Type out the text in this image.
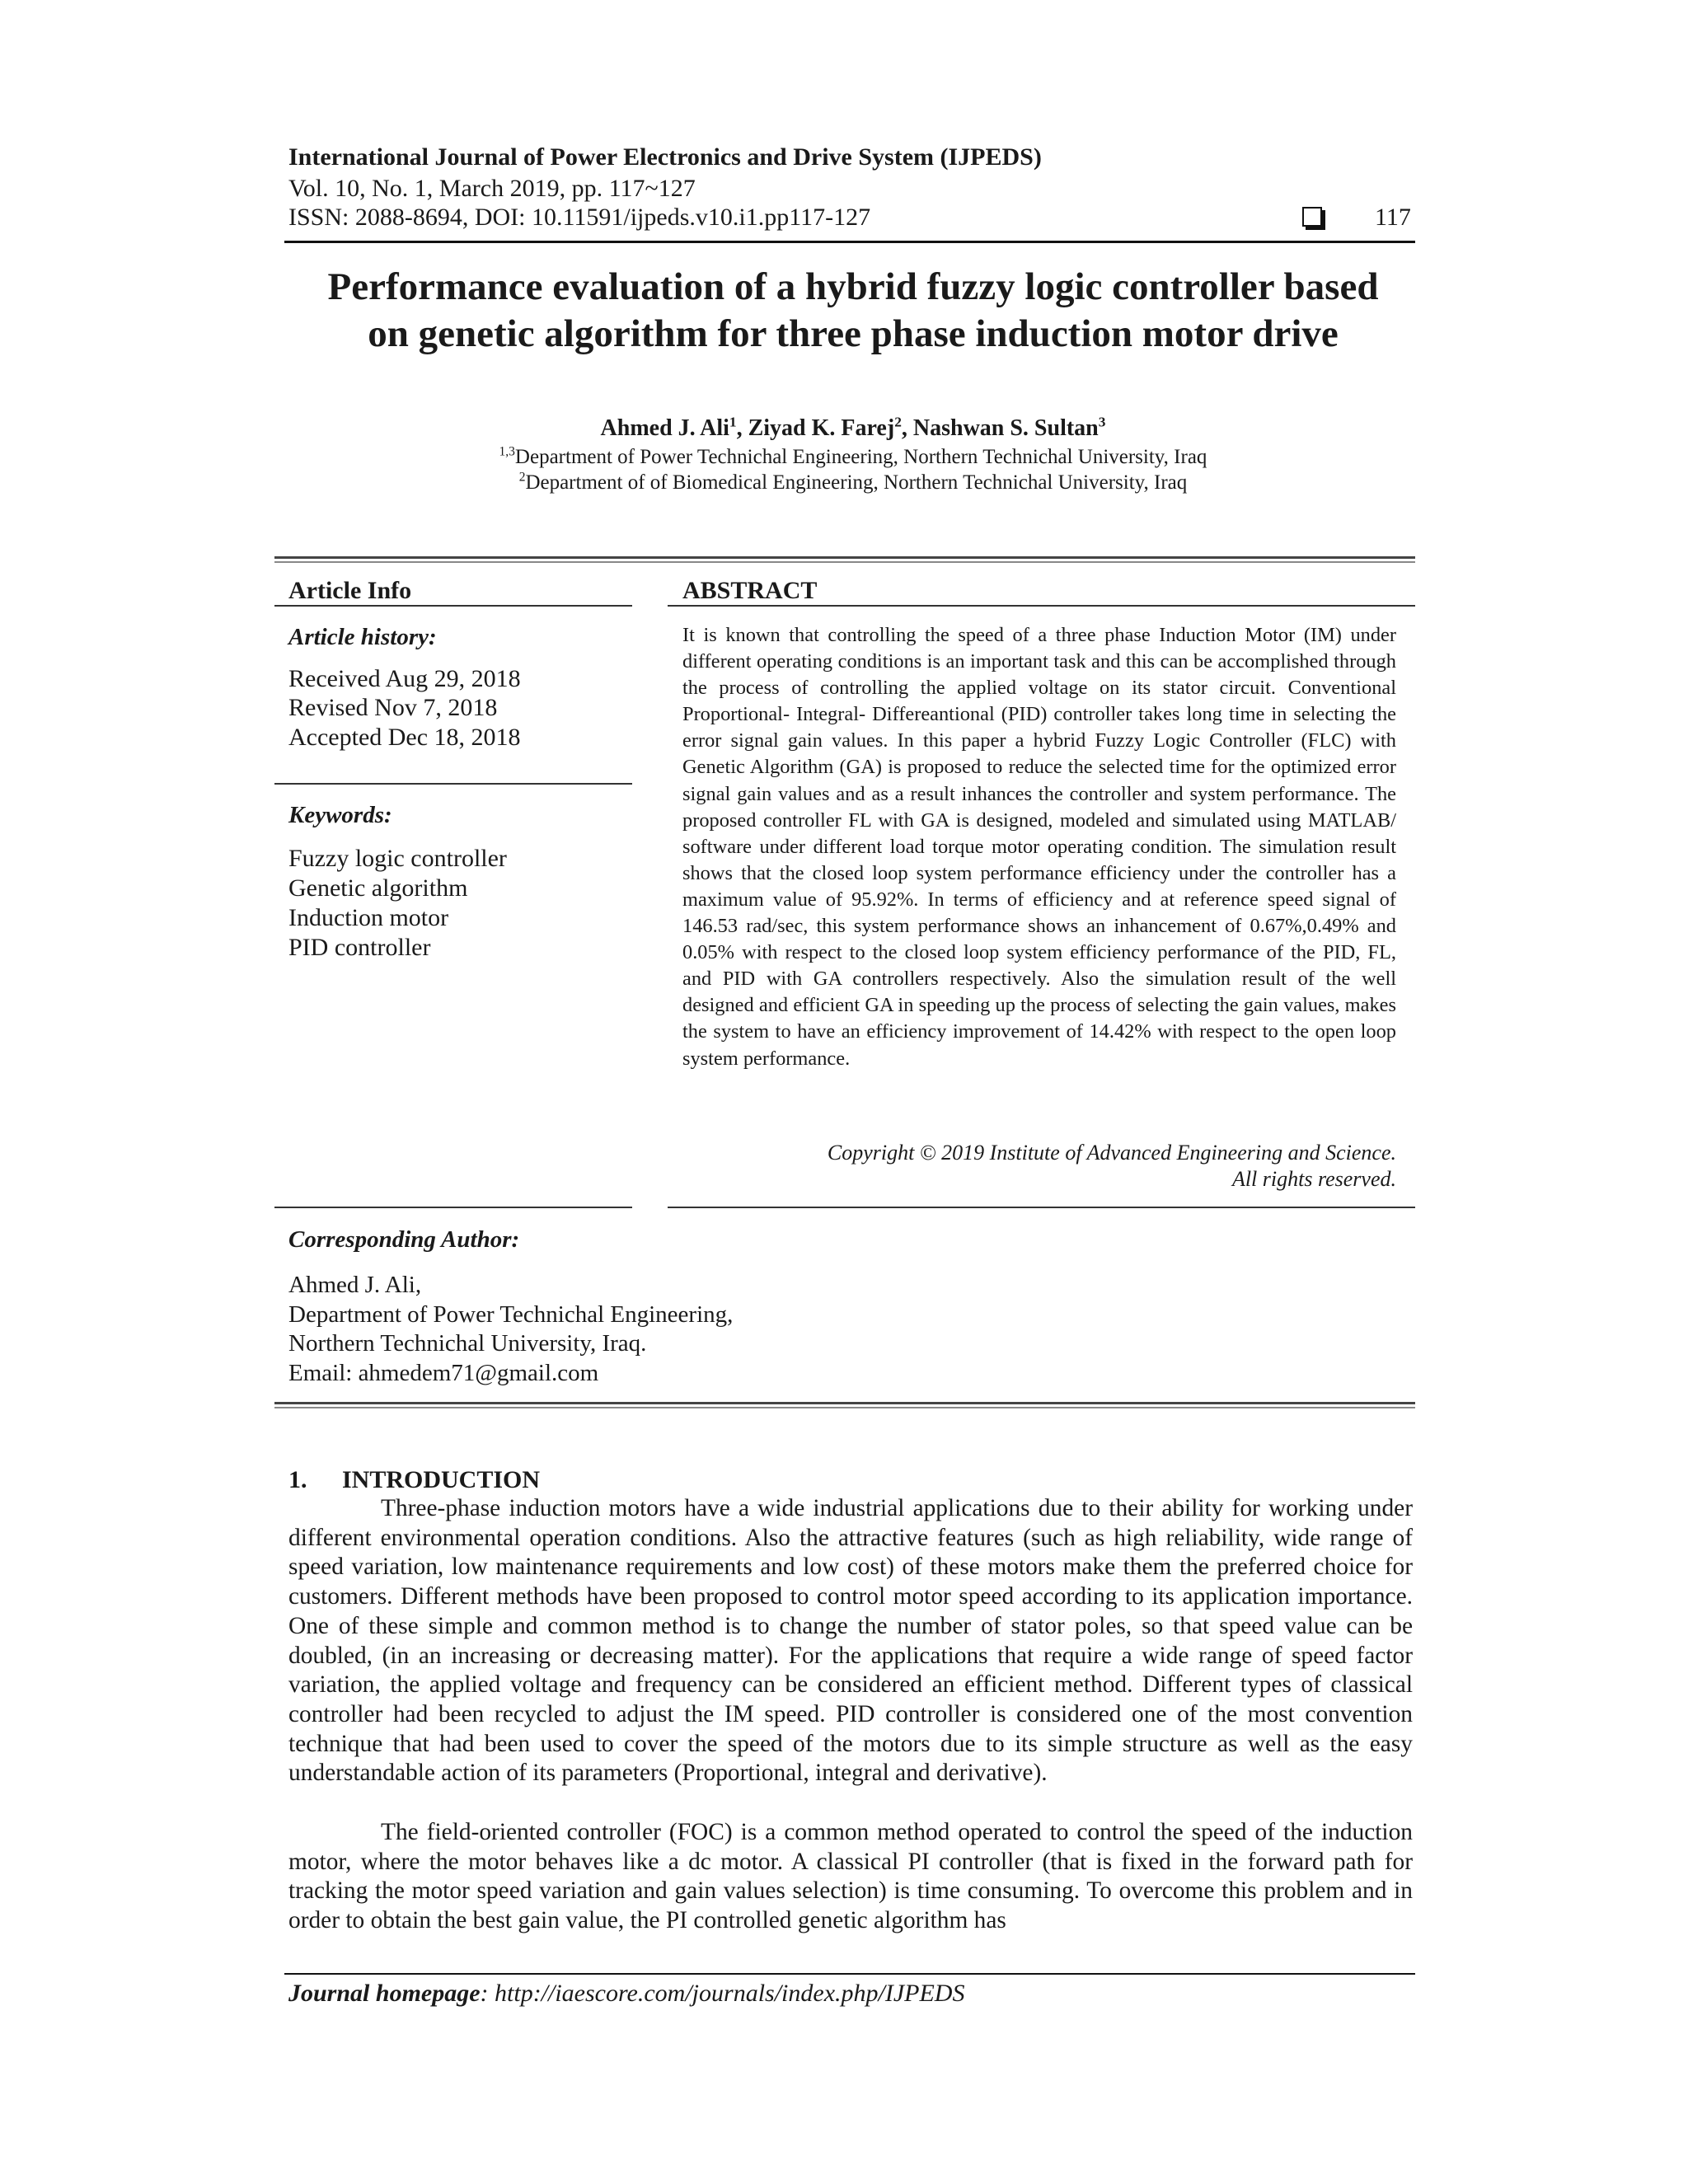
International Journal of Power Electronics and Drive System (IJPEDS)
Vol. 10, No. 1, March 2019, pp. 117~127
ISSN: 2088-8694, DOI: 10.11591/ijpeds.v10.i1.pp117-127	117
Performance evaluation of a hybrid fuzzy logic controller based
on genetic algorithm for three phase induction motor drive
Ahmed J. Ali$^1$, Ziyad K. Farej$^2$, Nashwan S. Sultan$^3$
$^{1,3}$Department of Power Technichal Engineering, Northern Technichal University, Iraq
$^2$Department of of Biomedical Engineering, Northern Technichal University, Iraq
Article Info
Article history:
Received Aug 29, 2018
Revised Nov 7, 2018
Accepted Dec 18, 2018
Keywords:
Fuzzy logic controller
Genetic algorithm
Induction motor
PID controller
ABSTRACT
It is known that controlling the speed of a three phase Induction Motor (IM) under different operating conditions is an important task and this can be accomplished through the process of controlling the applied voltage on its stator circuit. Conventional Proportional- Integral- Differeantional (PID) controller takes long time in selecting the error signal gain values. In this paper a hybrid Fuzzy Logic Controller (FLC) with Genetic Algorithm (GA) is proposed to reduce the selected time for the optimized error signal gain values and as a result inhances the controller and system performance. The proposed controller FL with GA is designed, modeled and simulated using MATLAB/ software under different load torque motor operating condition. The simulation result shows that the closed loop system performance efficiency under the controller has a maximum value of 95.92%. In terms of efficiency and at reference speed signal of 146.53 rad/sec, this system performance shows an inhancement of 0.67%,0.49% and 0.05% with respect to the closed loop system efficiency performance of the PID, FL, and PID with GA controllers respectively. Also the simulation result of the well designed and efficient GA in speeding up the process of selecting the gain values, makes the system to have an efficiency improvement of 14.42% with respect to the open loop system performance.
Copyright © 2019 Institute of Advanced Engineering and Science.
All rights reserved.
Corresponding Author:
Ahmed J. Ali,
Department of Power Technichal Engineering,
Northern Technichal University, Iraq.
Email: ahmedem71@gmail.com
1. INTRODUCTION

Three-phase induction motors have a wide industrial applications due to their ability for working under different environmental operation conditions. Also the attractive features (such as high reliability, wide range of speed variation, low maintenance requirements and low cost) of these motors make them the preferred choice for customers. Different methods have been proposed to control motor speed according to its application importance. One of these simple and common method is to change the number of stator poles, so that speed value can be doubled, (in an increasing or decreasing matter). For the applications that require a wide range of speed factor variation, the applied voltage and frequency can be considered an efficient method. Different types of classical controller had been recycled to adjust the IM speed. PID controller is considered one of the most convention technique that had been used to cover the speed of the motors due to its simple structure as well as the easy understandable action of its parameters (Proportional, integral and derivative).

The field-oriented controller (FOC) is a common method operated to control the speed of the induction motor, where the motor behaves like a dc motor. A classical PI controller (that is fixed in the forward path for tracking the motor speed variation and gain values selection) is time consuming. To overcome this problem and in order to obtain the best gain value, the PI controlled genetic algorithm has

Journal homepage: http://iaescore.com/journals/index.php/IJPEDS
